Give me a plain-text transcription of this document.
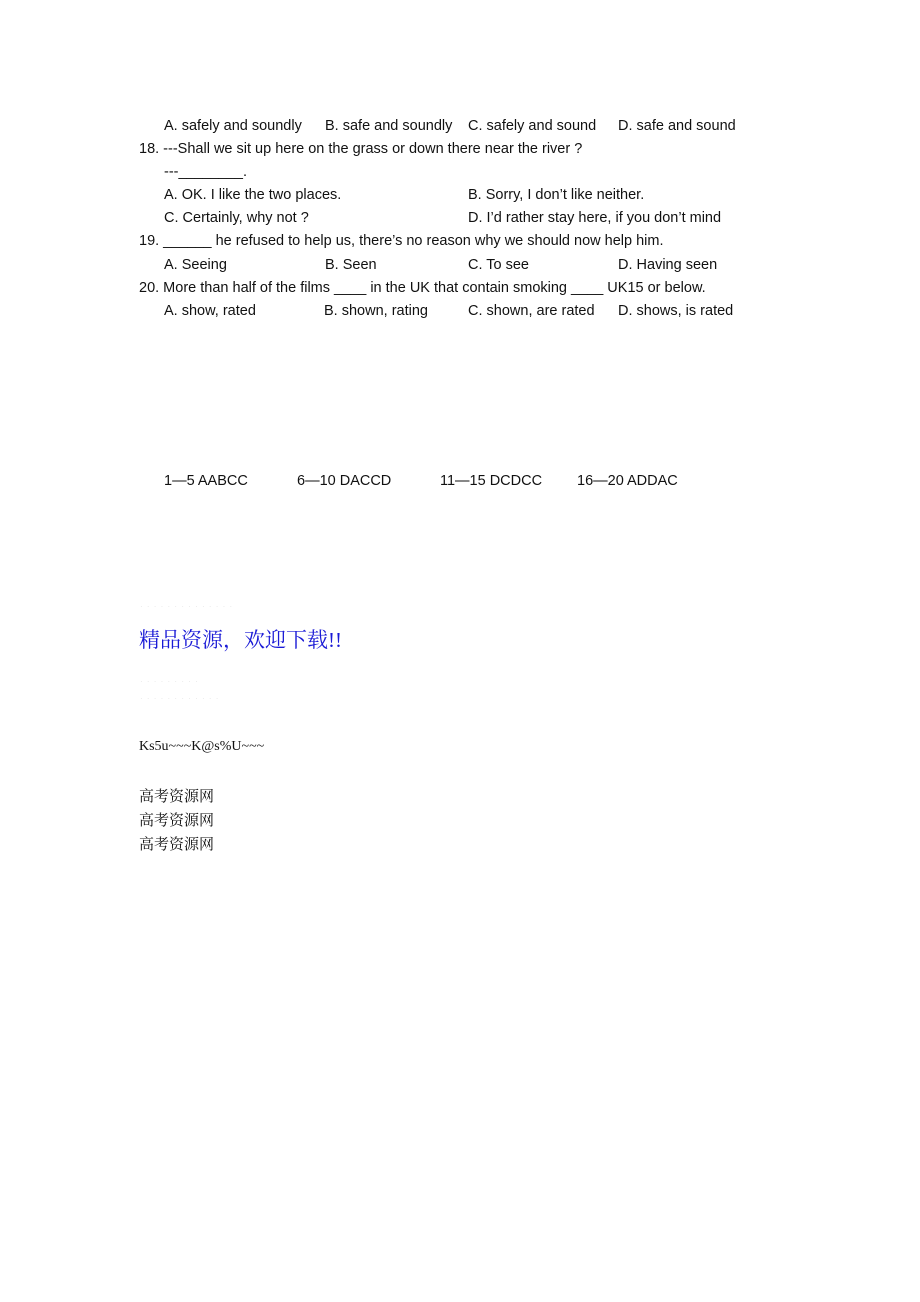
A. safely and soundly B. safe and soundly C. safely and sound D. safe and sound
18. ---Shall we sit up here on the grass or down there near the river ?
---________.
A. OK. I like the two places.	B. Sorry, I don’t like neither.
C. Certainly, why not ?	D. I’d rather stay here, if you don’t mind
19. ______ he refused to help us, there’s no reason why we should now help him.
A. Seeing	B. Seen	C. To see	D. Having seen
20. More than half of the films ____ in the UK that contain smoking ____ UK15 or below.
A. show, rated	B. shown, rating	C. shown, are rated D. shows, is rated
1—5 AABCC	6—10 DACCD	11—15 DCDCC 16—20 ADDAC
· · · · · · · · · · · · · ·
精品资源，欢迎下载!!
· · · · · · · · ·
· · · · · · · · · · · ·
Ks5u~~~K@s%U~~~
高考资源网
高考资源网
高考资源网
